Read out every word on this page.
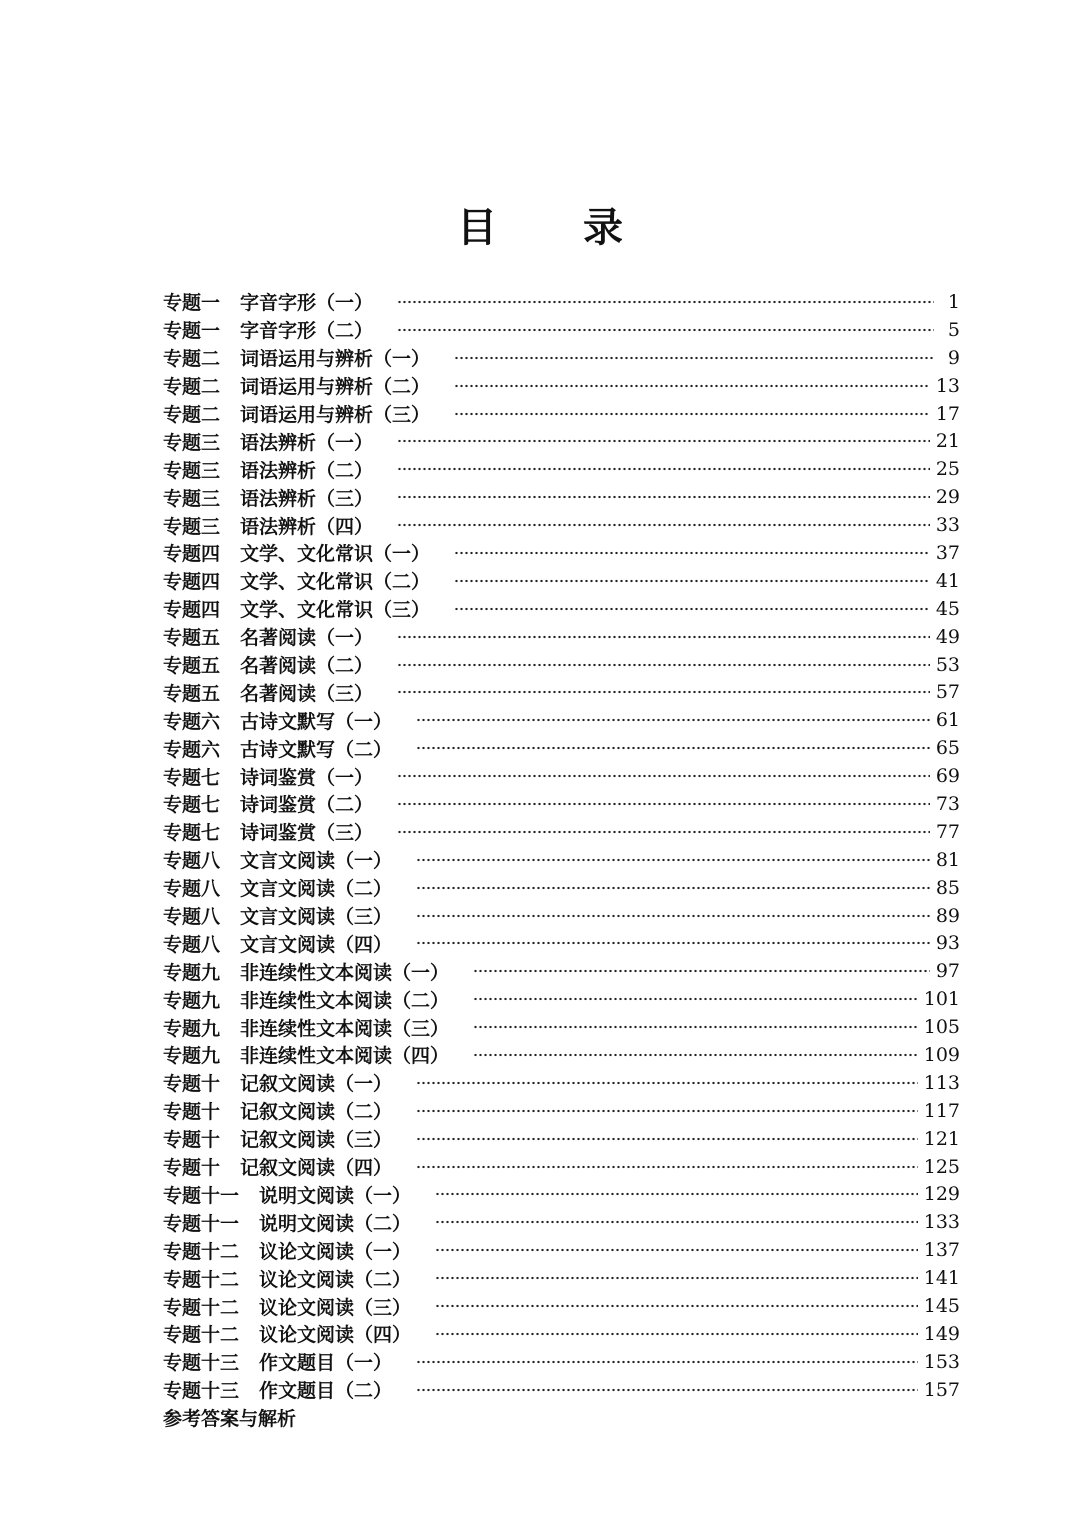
目 录
专题一 字音字形（一）	1
专题一 字音字形（二）	5
专题二 词语运用与辨析（一）	9
专题二 词语运用与辨析（二）	13
专题二 词语运用与辨析（三）	17
专题三 语法辨析（一）	21
专题三 语法辨析（二）	25
专题三 语法辨析（三）	29
专题三 语法辨析（四）	33
专题四 文学、文化常识（一）	37
专题四 文学、文化常识（二）	41
专题四 文学、文化常识（三）	45
专题五 名著阅读（一）	49
专题五 名著阅读（二）	53
专题五 名著阅读（三）	57
专题六 古诗文默写（一）	61
专题六 古诗文默写（二）	65
专题七 诗词鉴赏（一）	69
专题七 诗词鉴赏（二）	73
专题七 诗词鉴赏（三）	77
专题八 文言文阅读（一）	81
专题八 文言文阅读（二）	85
专题八 文言文阅读（三）	89
专题八 文言文阅读（四）	93
专题九 非连续性文本阅读（一）	97
专题九 非连续性文本阅读（二）	101
专题九 非连续性文本阅读（三）	105
专题九 非连续性文本阅读（四）	109
专题十 记叙文阅读（一）	113
专题十 记叙文阅读（二）	117
专题十 记叙文阅读（三）	121
专题十 记叙文阅读（四）	125
专题十一 说明文阅读（一）	129
专题十一 说明文阅读（二）	133
专题十二 议论文阅读（一）	137
专题十二 议论文阅读（二）	141
专题十二 议论文阅读（三）	145
专题十二 议论文阅读（四）	149
专题十三 作文题目（一）	153
专题十三 作文题目（二）	157
参考答案与解析
